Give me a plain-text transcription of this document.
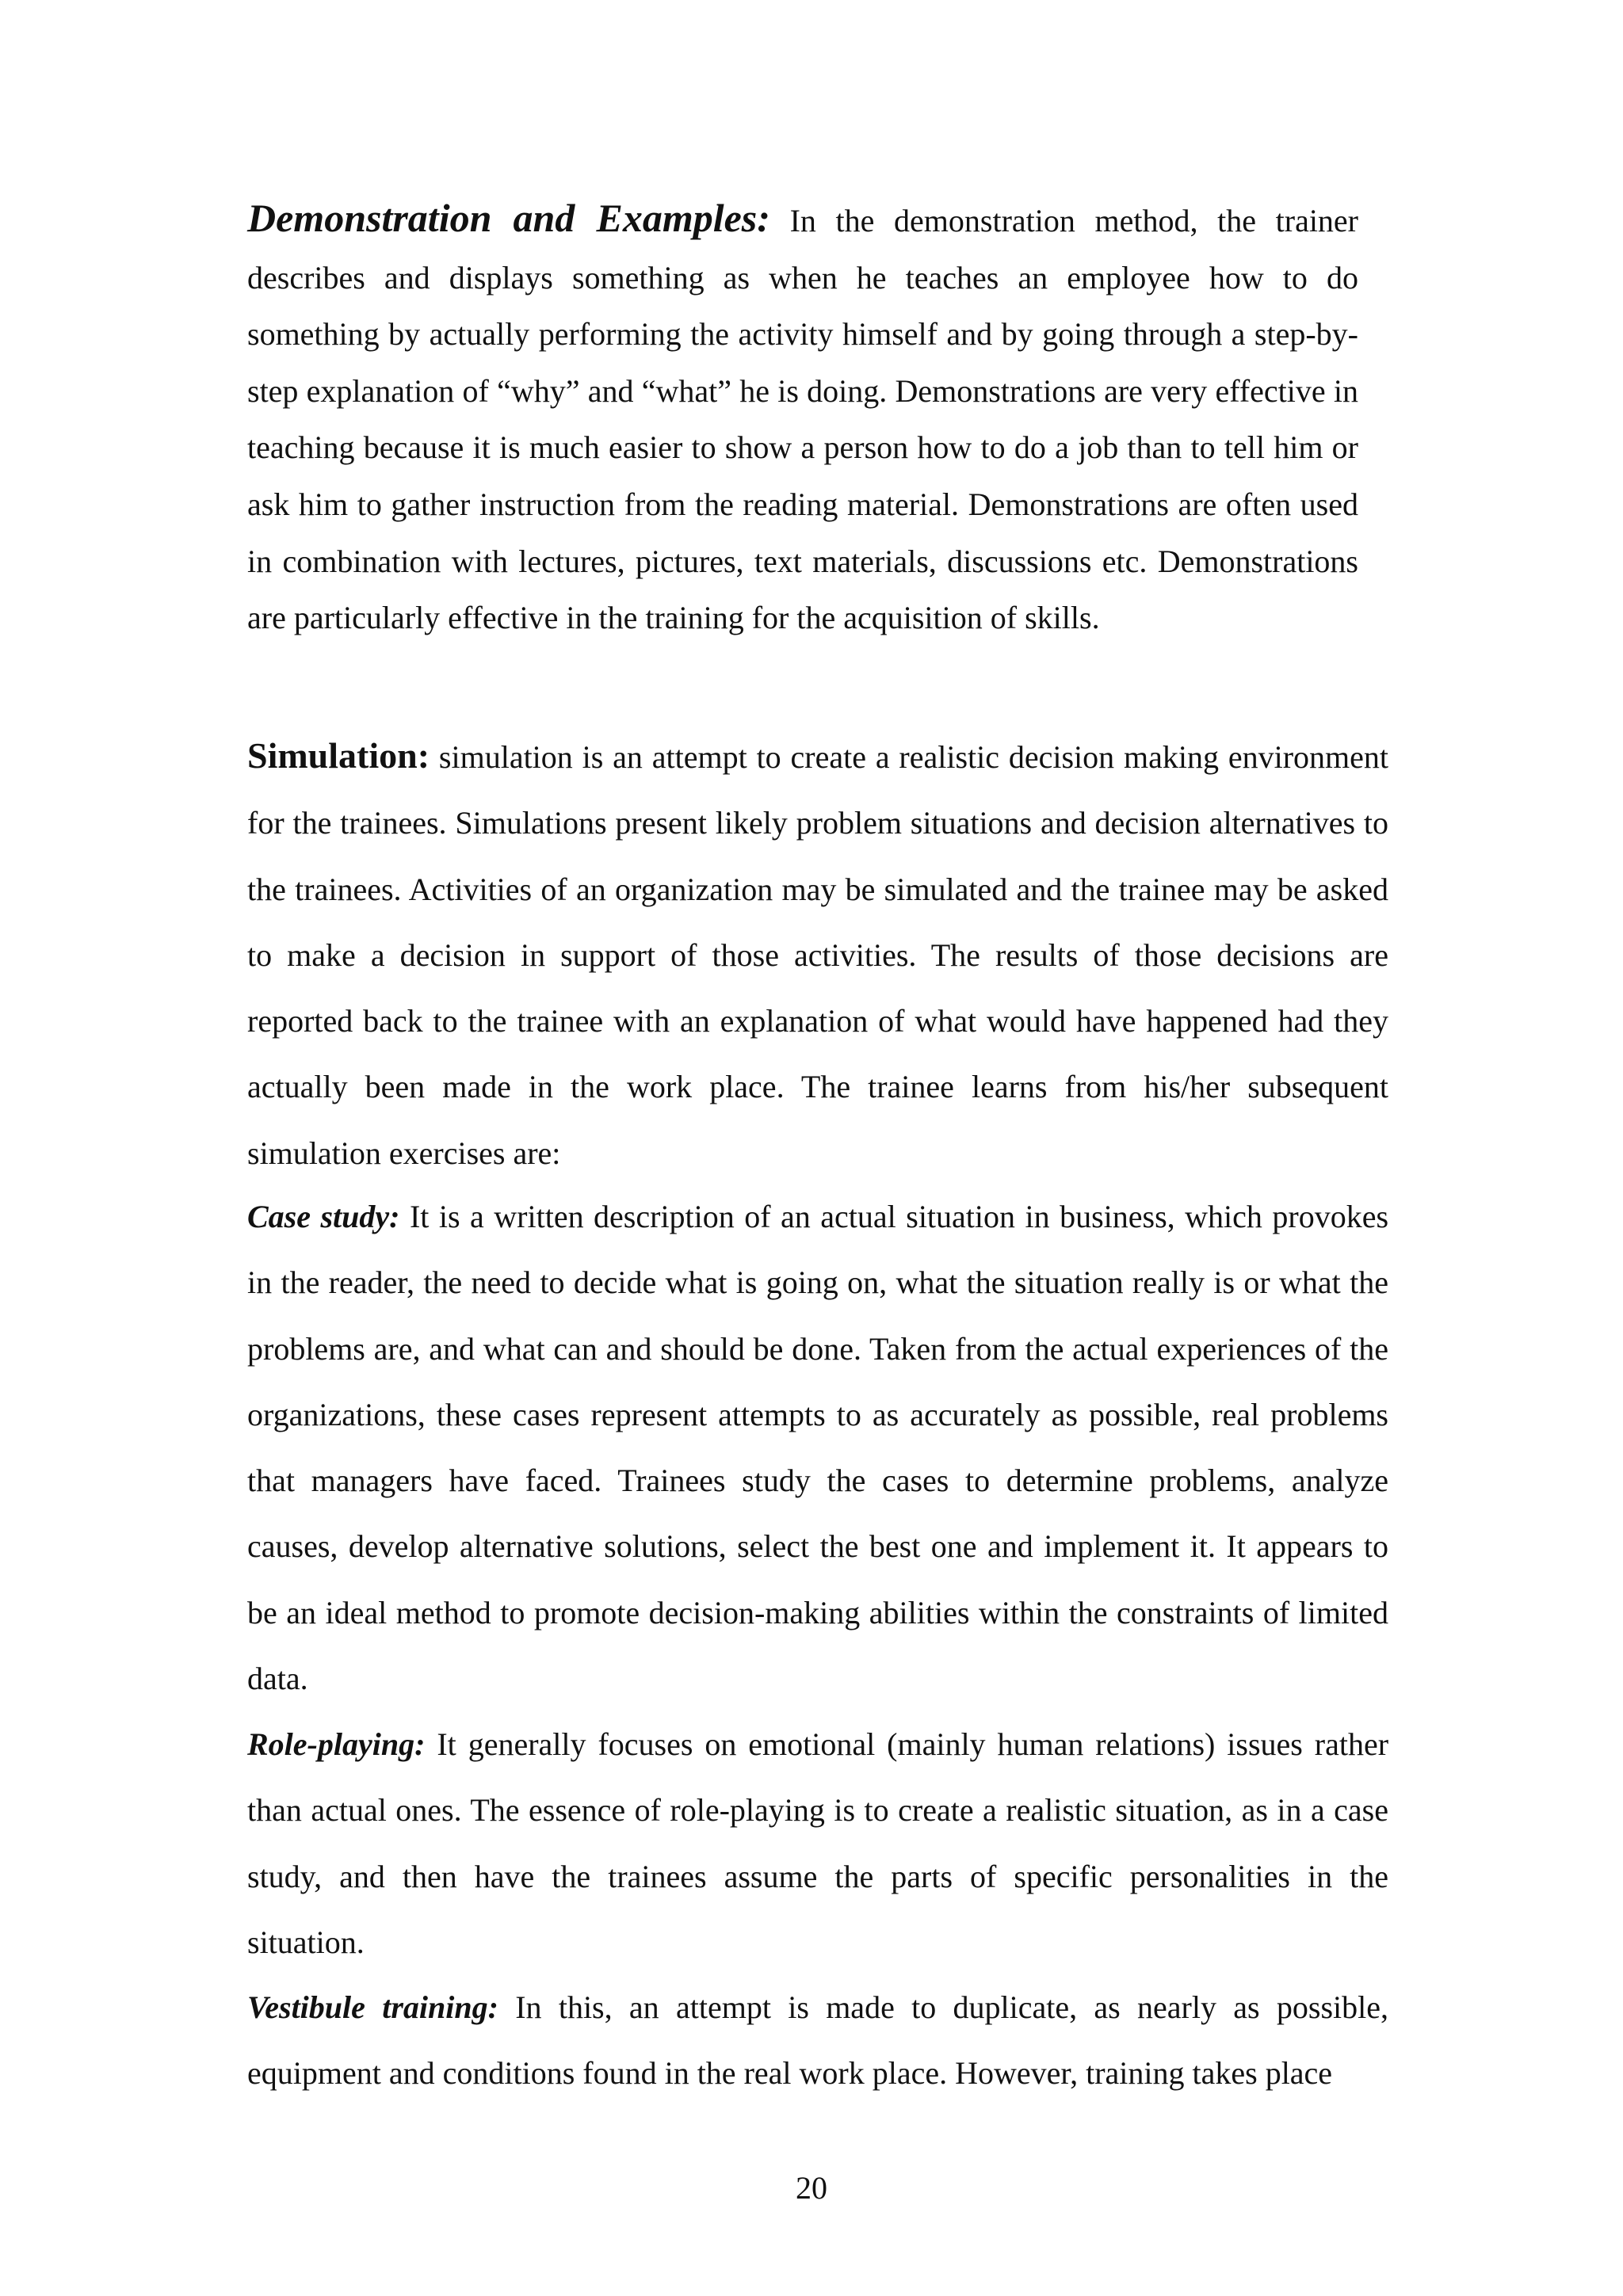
Demonstration and Examples: In the demonstration method, the trainer describes and displays something as when he teaches an employee how to do something by actually performing the activity himself and by going through a step-by-step explanation of “why” and “what” he is doing. Demonstrations are very effective in teaching because it is much easier to show a person how to do a job than to tell him or ask him to gather instruction from the reading material. Demonstrations are often used in combination with lectures, pictures, text materials, discussions etc. Demonstrations are particularly effective in the training for the acquisition of skills.

Simulation: simulation is an attempt to create a realistic decision making environment for the trainees. Simulations present likely problem situations and decision alternatives to the trainees. Activities of an organization may be simulated and the trainee may be asked to make a decision in support of those activities. The results of those decisions are reported back to the trainee with an explanation of what would have happened had they actually been made in the work place. The trainee learns from his/her subsequent simulation exercises are:

Case study: It is a written description of an actual situation in business, which provokes in the reader, the need to decide what is going on, what the situation really is or what the problems are, and what can and should be done. Taken from the actual experiences of the organizations, these cases represent attempts to as accurately as possible, real problems that managers have faced. Trainees study the cases to determine problems, analyze causes, develop alternative solutions, select the best one and implement it. It appears to be an ideal method to promote decision-making abilities within the constraints of limited data.

Role-playing: It generally focuses on emotional (mainly human relations) issues rather than actual ones. The essence of role-playing is to create a realistic situation, as in a case study, and then have the trainees assume the parts of specific personalities in the situation.

Vestibule training: In this, an attempt is made to duplicate, as nearly as possible, equipment and conditions found in the real work place. However, training takes place

20
